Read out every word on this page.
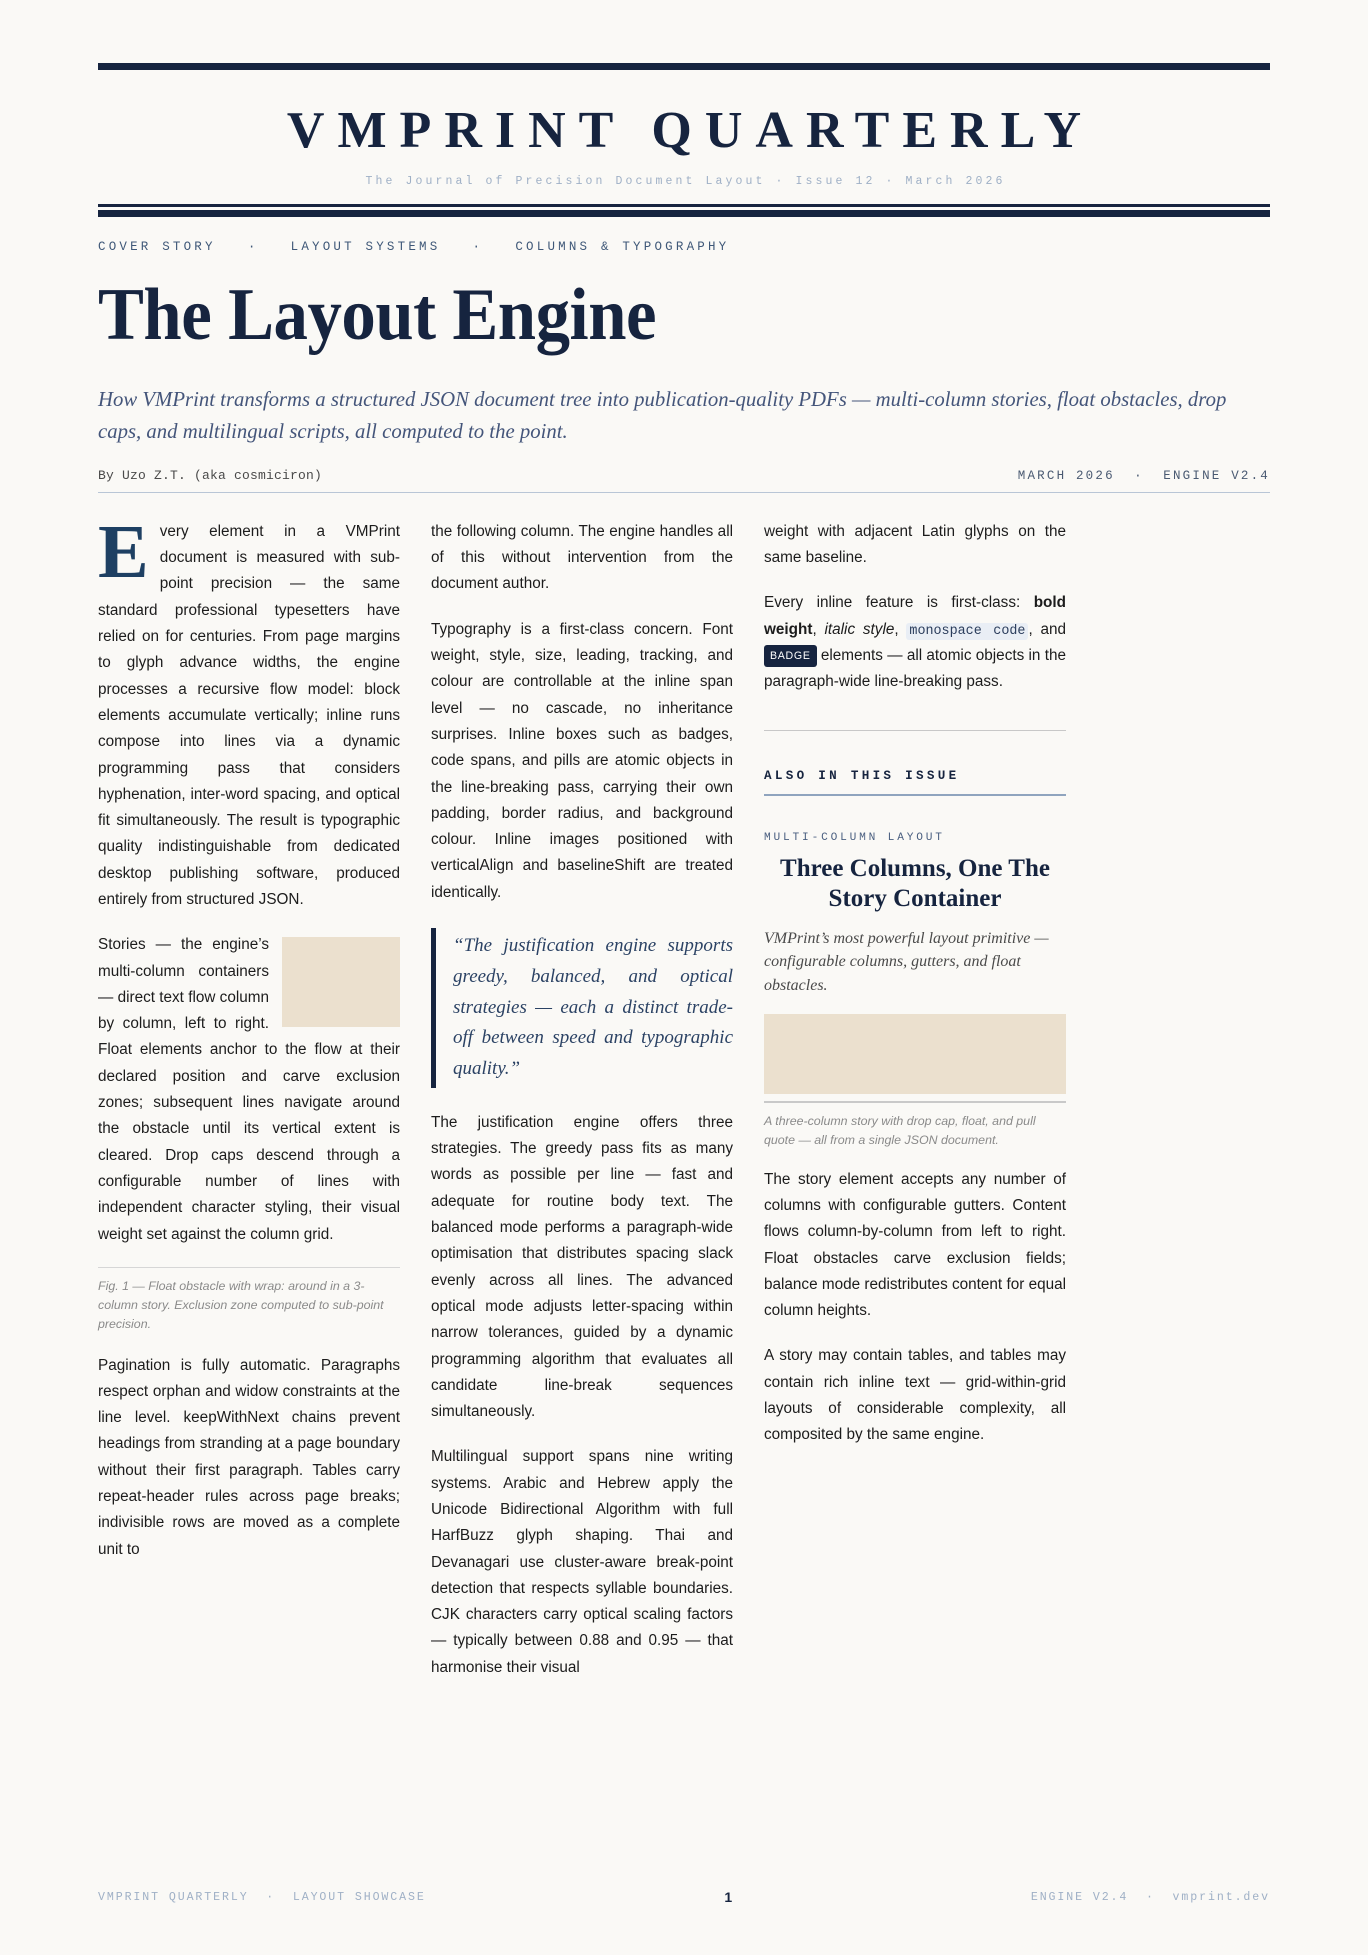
VMPRINT QUARTERLY
The Journal of Precision Document Layout · Issue 12 · March 2026
COVER STORY   ·   LAYOUT SYSTEMS   ·   COLUMNS & TYPOGRAPHY
The Layout Engine
How VMPrint transforms a structured JSON document tree into publication-quality PDFs — multi-column stories, float obstacles, drop caps, and multilingual scripts, all computed to the point.
By Uzo Z.T. (aka cosmiciron)	MARCH 2026  ·  ENGINE V2.4

Every element in a VMPrint document is measured with sub-point precision — the same standard professional typesetters have relied on for centuries. From page margins to glyph advance widths, the engine processes a recursive flow model: block elements accumulate vertically; inline runs compose into lines via a dynamic programming pass that considers hyphenation, inter-word spacing, and optical fit simultaneously. The result is typographic quality indistinguishable from dedicated desktop publishing software, produced entirely from structured JSON.

Stories — the engine’s multi-column containers — direct text flow column by column, left to right. Float elements anchor to the flow at their declared position and carve exclusion zones; subsequent lines navigate around the obstacle until its vertical extent is cleared. Drop caps descend through a configurable number of lines with independent character styling, their visual weight set against the column grid.

Fig. 1 — Float obstacle with wrap: around in a 3-column story. Exclusion zone computed to sub-point precision.

Pagination is fully automatic. Paragraphs respect orphan and widow constraints at the line level. keepWithNext chains prevent headings from stranding at a page boundary without their first paragraph. Tables carry repeat-header rules across page breaks; indivisible rows are moved as a complete unit to

the following column. The engine handles all of this without intervention from the document author.

Typography is a first-class concern. Font weight, style, size, leading, tracking, and colour are controllable at the inline span level — no cascade, no inheritance surprises. Inline boxes such as badges, code spans, and pills are atomic objects in the line-breaking pass, carrying their own padding, border radius, and background colour. Inline images positioned with verticalAlign and baselineShift are treated identically.

“The justification engine supports greedy, balanced, and optical strategies — each a distinct trade-off between speed and typographic quality.”

The justification engine offers three strategies. The greedy pass fits as many words as possible per line — fast and adequate for routine body text. The balanced mode performs a paragraph-wide optimisation that distributes spacing slack evenly across all lines. The advanced optical mode adjusts letter-spacing within narrow tolerances, guided by a dynamic programming algorithm that evaluates all candidate line-break sequences simultaneously.

Multilingual support spans nine writing systems. Arabic and Hebrew apply the Unicode Bidirectional Algorithm with full HarfBuzz glyph shaping. Thai and Devanagari use cluster-aware break-point detection that respects syllable boundaries. CJK characters carry optical scaling factors — typically between 0.88 and 0.95 — that harmonise their visual

weight with adjacent Latin glyphs on the same baseline.

Every inline feature is first-class: bold weight, italic style, monospace code , and BADGE elements — all atomic objects in the paragraph-wide line-breaking pass.

ALSO IN THIS ISSUE
MULTI-COLUMN LAYOUT
Three Columns, One The Story Container
VMPrint’s most powerful layout primitive — configurable columns, gutters, and float obstacles.
A three-column story with drop cap, float, and pull quote — all from a single JSON document.

The story element accepts any number of columns with configurable gutters. Content flows column-by-column from left to right. Float obstacles carve exclusion fields; balance mode redistributes content for equal column heights.

A story may contain tables, and tables may contain rich inline text — grid-within-grid layouts of considerable complexity, all composited by the same engine.

VMPRINT QUARTERLY  ·  LAYOUT SHOWCASE	1	ENGINE V2.4  ·  vmprint.dev
